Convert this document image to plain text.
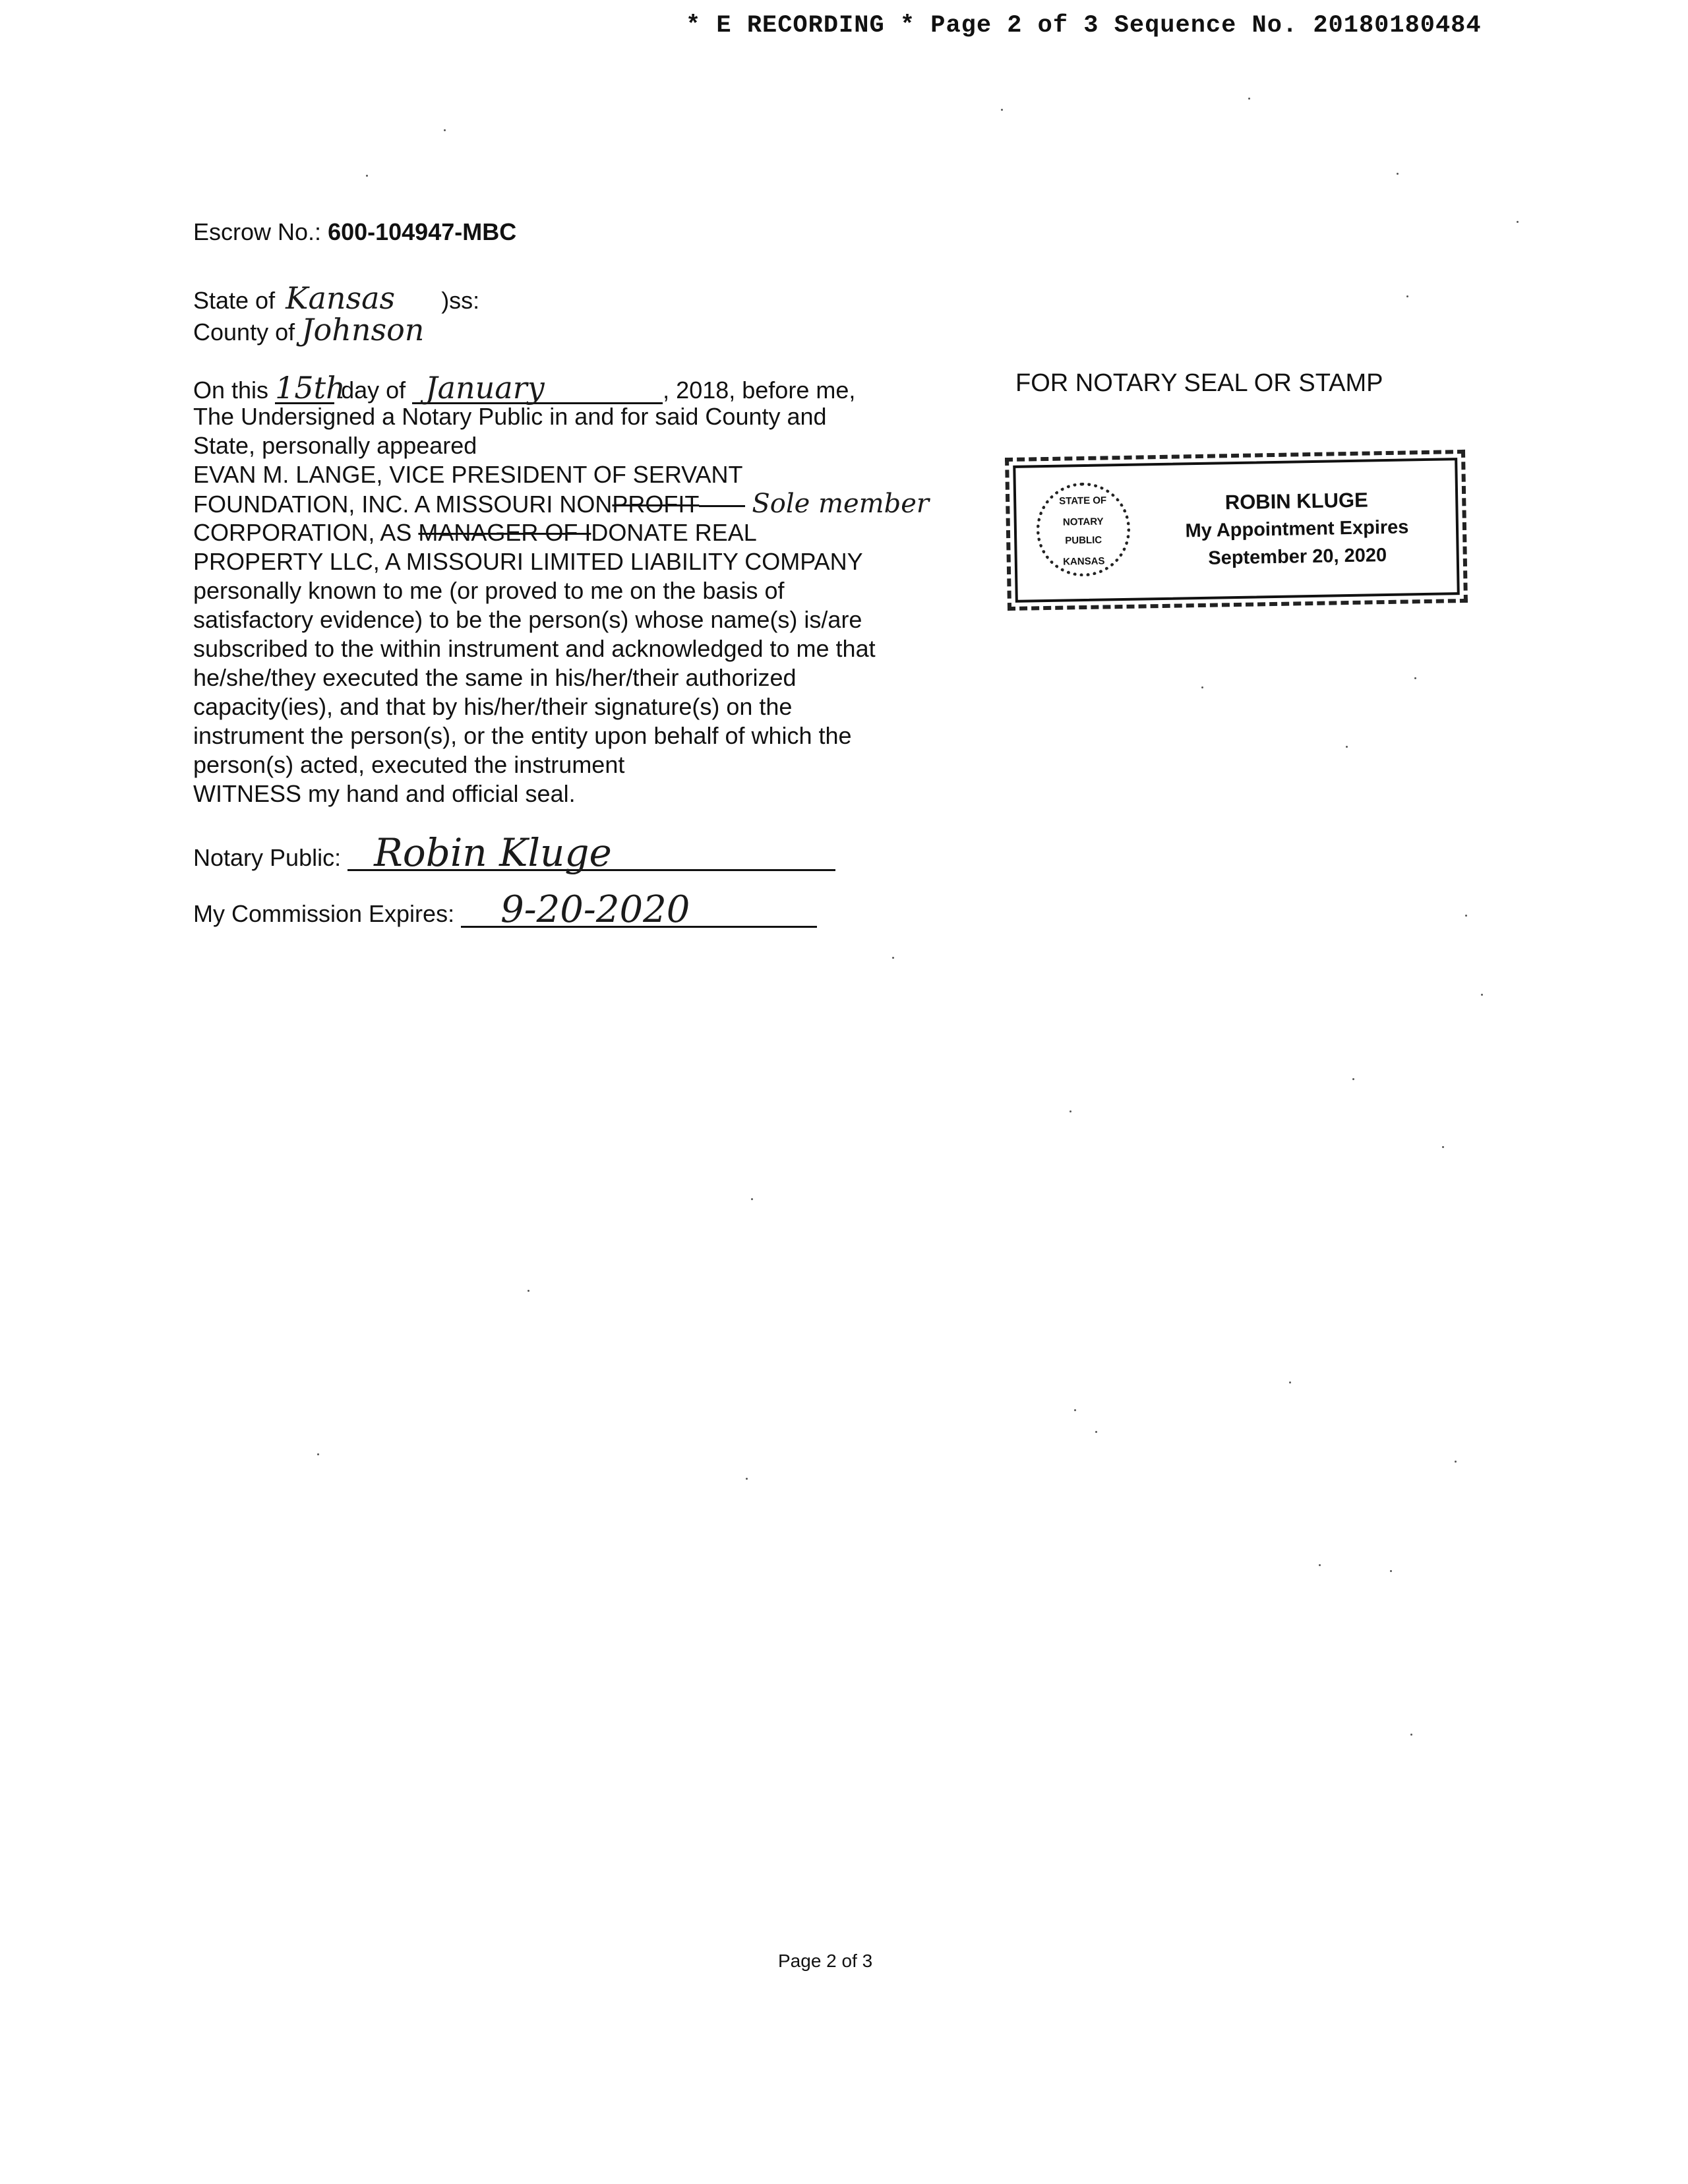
* E RECORDING * Page 2 of 3 Sequence No. 20180180484
Escrow No.: 600-104947-MBC
State of Kansas )ss:
County of Johnson
On this 15th day of January	, 2018, before me,
The Undersigned a Notary Public in and for said County and
State, personally appeared
EVAN M. LANGE, VICE PRESIDENT OF SERVANT
FOUNDATION, INC. A MISSOURI NONPROFIT Sole member
CORPORATION, AS MANAGER OF IDONATE REAL
PROPERTY LLC, A MISSOURI LIMITED LIABILITY COMPANY
personally known to me (or proved to me on the basis of
satisfactory evidence) to be the person(s) whose name(s) is/are
subscribed to the within instrument and acknowledged to me that
he/she/they executed the same in his/her/their authorized
capacity(ies), and that by his/her/their signature(s) on the
instrument the person(s), or the entity upon behalf of which the
person(s) acted, executed the instrument
WITNESS my hand and official seal.
Notary Public: Robin Kluge
My Commission Expires: 9-20-2020
FOR NOTARY SEAL OR STAMP
STATE OF
NOTARY
PUBLIC
KANSAS
ROBIN KLUGE
My Appointment Expires
September 20, 2020
Page 2 of 3
